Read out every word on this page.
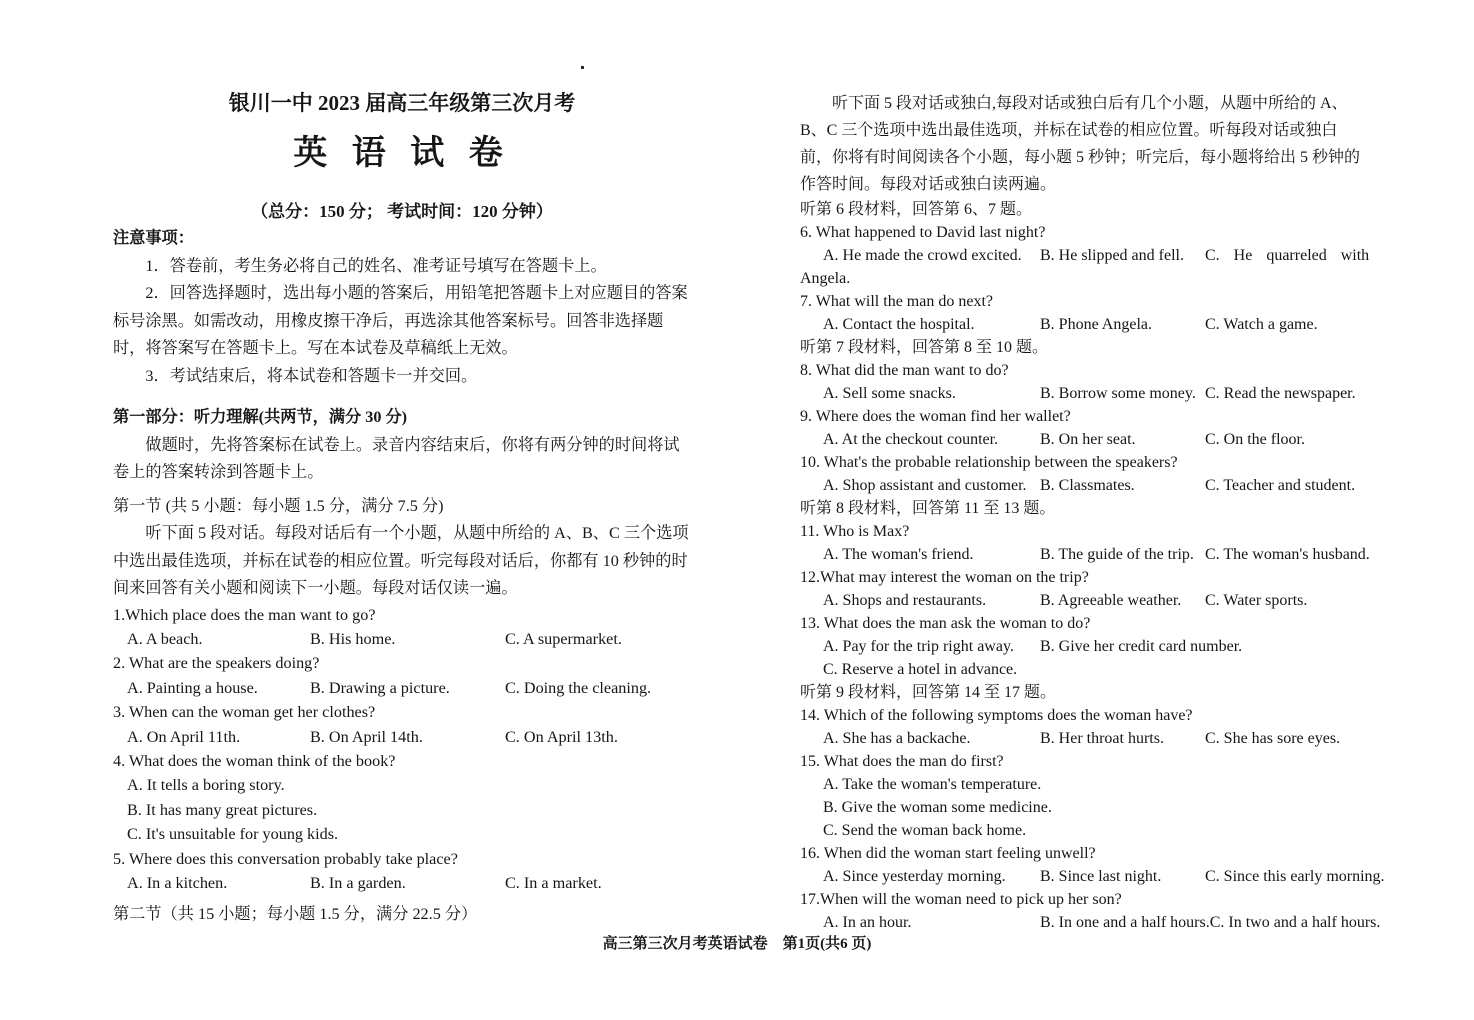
银川一中 2023 届高三年级第三次月考
英 语 试 卷
（总分：150 分； 考试时间：120 分钟）
注意事项：
1．答卷前，考生务必将自己的姓名、准考证号填写在答题卡上。
2．回答选择题时，选出每小题的答案后，用铅笔把答题卡上对应题目的答案标号涂黑。如需改动，用橡皮擦干净后，再选涂其他答案标号。回答非选择题时，将答案写在答题卡上。写在本试卷及草稿纸上无效。
3．考试结束后，将本试卷和答题卡一并交回。
第一部分：听力理解(共两节，满分 30 分)
做题时，先将答案标在试卷上。录音内容结束后，你将有两分钟的时间将试卷上的答案转涂到答题卡上。
第一节 (共 5 小题：每小题 1.5 分，满分 7.5 分)
听下面 5 段对话。每段对话后有一个小题，从题中所给的 A、B、C 三个选项中选出最佳选项，并标在试卷的相应位置。听完每段对话后，你都有 10 秒钟的时间来回答有关小题和阅读下一小题。每段对话仅读一遍。
1.Which place does the man want to go?
A. A beach.	B. His home.	C. A supermarket.
2. What are the speakers doing?
A. Painting a house.	B. Drawing a picture.	C. Doing the cleaning.
3. When can the woman get her clothes?
A. On April 11th.	B. On April 14th.	C. On April 13th.
4. What does the woman think of the book?
A. It tells a boring story.
B. It has many great pictures.
C. It's unsuitable for young kids.
5. Where does this conversation probably take place?
A. In a kitchen.	B. In a garden.	C. In a market.
第二节（共 15 小题；每小题 1.5 分，满分 22.5 分）
听下面 5 段对话或独白,每段对话或独白后有几个小题，从题中所给的 A、B、C 三个选项中选出最佳选项，并标在试卷的相应位置。听每段对话或独白前，你将有时间阅读各个小题，每小题 5 秒钟；听完后，每小题将给出 5 秒钟的作答时间。每段对话或独白读两遍。
听第 6 段材料，回答第 6、7 题。
6. What happened to David last night?
A. He made the crowd excited.	B. He slipped and fell.	C. He quarreled with
Angela.
7. What will the man do next?
A. Contact the hospital.	B. Phone Angela.	C. Watch a game.
听第 7 段材料，回答第 8 至 10 题。
8. What did the man want to do?
A. Sell some snacks.	B. Borrow some money. C. Read the newspaper.
9. Where does the woman find her wallet?
A. At the checkout counter.	B. On her seat.	C. On the floor.
10. What's the probable relationship between the speakers?
A. Shop assistant and customer. B. Classmates.	C. Teacher and student.
听第 8 段材料，回答第 11 至 13 题。
11. Who is Max?
A. The woman's friend.	B. The guide of the trip. C. The woman's husband.
12.What may interest the woman on the trip?
A. Shops and restaurants.	B. Agreeable weather.	C. Water sports.
13. What does the man ask the woman to do?
A. Pay for the trip right away.	B. Give her credit card number.
C. Reserve a hotel in advance.
听第 9 段材料，回答第 14 至 17 题。
14. Which of the following symptoms does the woman have?
A. She has a backache.	B. Her throat hurts.	C. She has sore eyes.
15. What does the man do first?
A. Take the woman's temperature.
B. Give the woman some medicine.
C. Send the woman back home.
16. When did the woman start feeling unwell?
A. Since yesterday morning.	B. Since last night.	C. Since this early morning.
17.When will the woman need to pick up her son?
A. In an hour.	B. In one and a half hours. C. In two and a half hours.
高三第三次月考英语试卷　第1页(共6 页)
